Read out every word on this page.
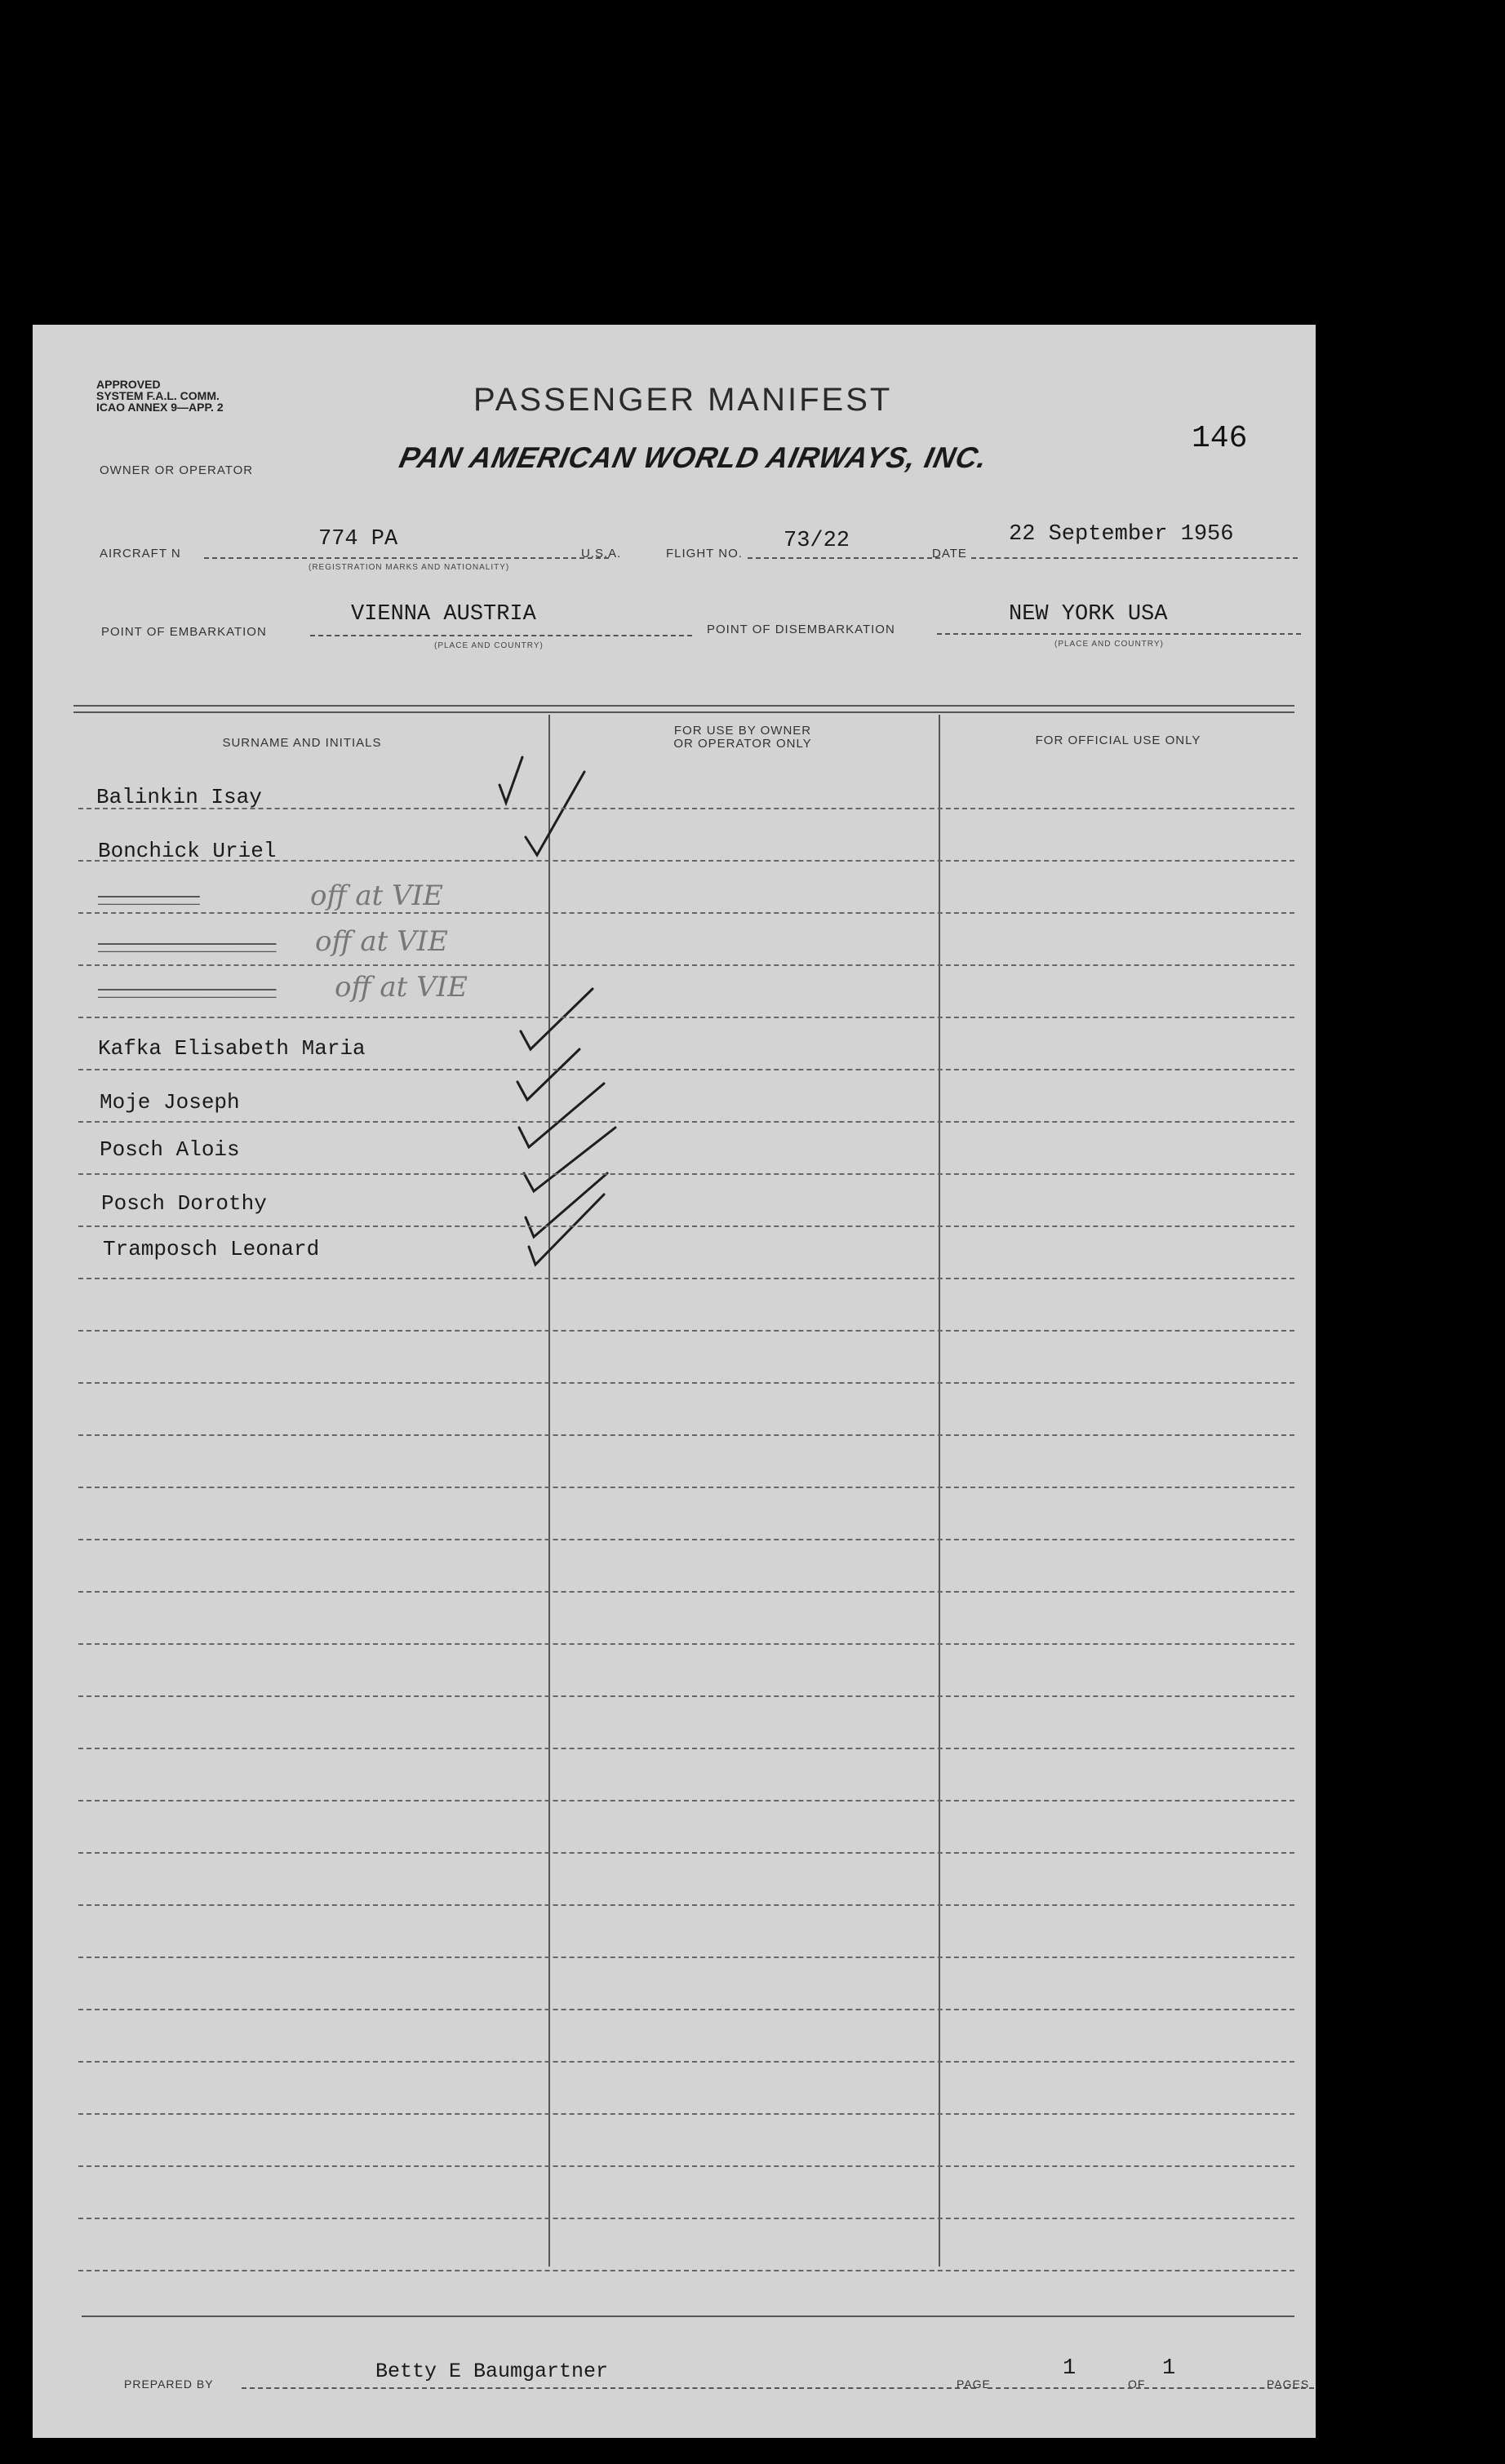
APPROVED
SYSTEM F.A.L. COMM.
ICAO ANNEX 9—APP. 2	PASSENGER MANIFEST
146
OWNER OR OPERATOR	PAN AMERICAN WORLD AIRWAYS, INC.
AIRCRAFT N
774 PA
(REGISTRATION MARKS AND NATIONALITY)
U.S.A.	FLIGHT NO.
73/22
DATE
22 September 1956
POINT OF EMBARKATION
VIENNA AUSTRIA
(PLACE AND COUNTRY)
POINT OF DISEMBARKATION
NEW YORK USA
(PLACE AND COUNTRY)
SURNAME AND INITIALS
FOR USE BY OWNER
OR OPERATOR ONLY	FOR OFFICIAL USE ONLY
Balinkin Isay
Bonchick Uriel
________	off at VIE
______________ off at VIE
______________ off at VIE
Kafka Elisabeth Maria
Moje Joseph
Posch Alois
Posch Dorothy
Tramposch Leonard
PREPARED BY
Betty E Baumgartner
PAGE
1
OF
1
PAGES
